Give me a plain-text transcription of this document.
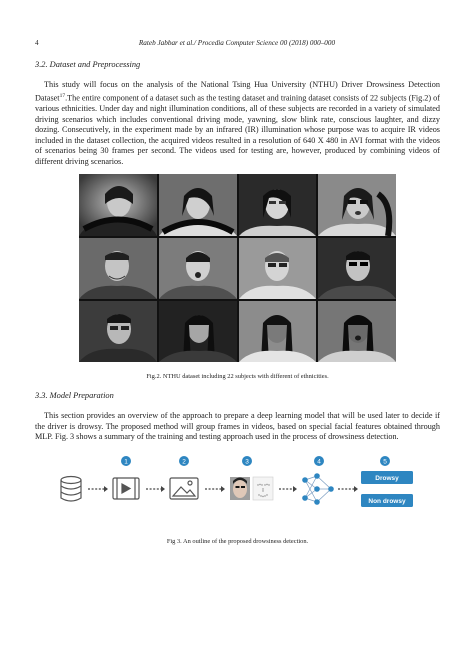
4	Rateb Jabbar et al./ Procedia Computer Science 00 (2018) 000–000
3.2. Dataset and Preprocessing
This study will focus on the analysis of the National Tsing Hua University (NTHU) Driver Drowsiness Detection Dataset$^{17}$.The entire component of a dataset such as the testing dataset and training dataset consists of 22 subjects (Fig.2) of various ethnicities. Under day and night illumination conditions, all of these subjects are recorded in a variety of simulated driving scenarios which includes conventional driving mode, yawning, slow blink rate, conscious laughter, and dizzy dozing. Consecutively, in the experiment made by an infrared (IR) illumination whose purpose was to acquire IR videos included in the dataset collection, the acquired videos resulted in a resolution of 640 X 480 in AVI format with the videos of scenarios being 30 frames per second. The videos used for testing are, however, produced by combining videos of different driving scenarios.
Fig.2. NTHU dataset including 22 subjects with different of ethnicities.
3.3. Model Preparation
This section provides an overview of the approach to prepare a deep learning model that will be used later to decide if the driver is drowsy. The proposed method will group frames in videos, based on special facial features obtained through MLP. Fig. 3 shows a summary of the training and testing approach used in the process of drowsiness detection.
1	2	3	4	5
Drowsy
Non drowsy
Fig 3. An outline of the proposed drowsiness detection.
